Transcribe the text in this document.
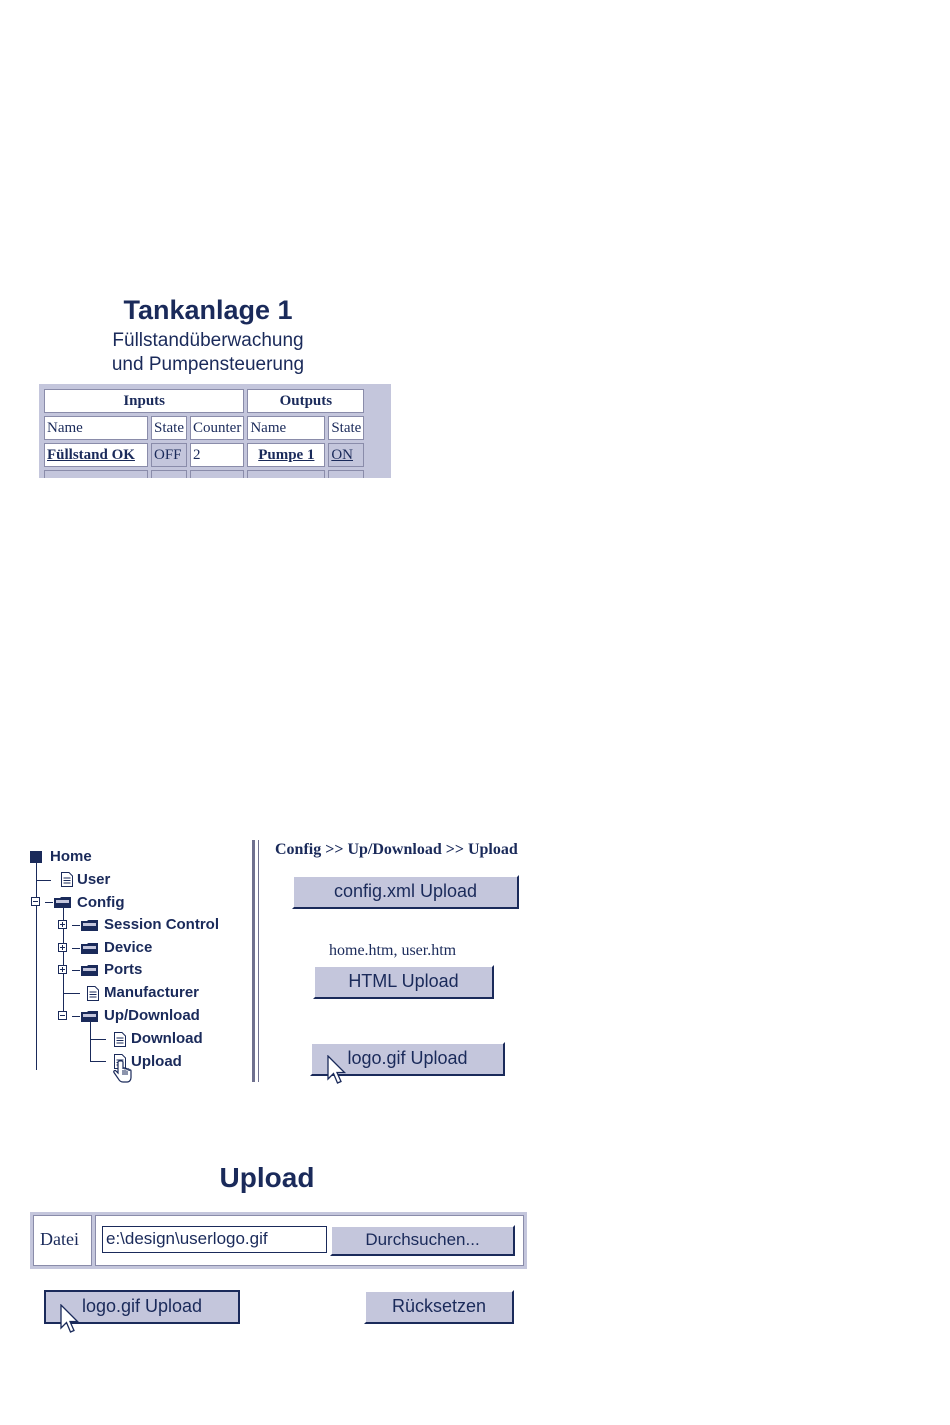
Tankanlage 1
Füllstandüberwachung
und Pumpensteuerung
Inputs			Outputs	
Name	State	Counter	Name	State
Füllstand OK	OFF	2	Pumpe 1	ON

Home
User
Config
Session Control
Device
Ports
Manufacturer
Up/Download
Download
Upload
Config >> Up/Download >> Upload
config.xml Upload
home.htm, user.htm
HTML Upload
logo.gif Upload
Upload
Datei e:\design\userlogo.gif	Durchsuchen...
logo.gif Upload	Rücksetzen
